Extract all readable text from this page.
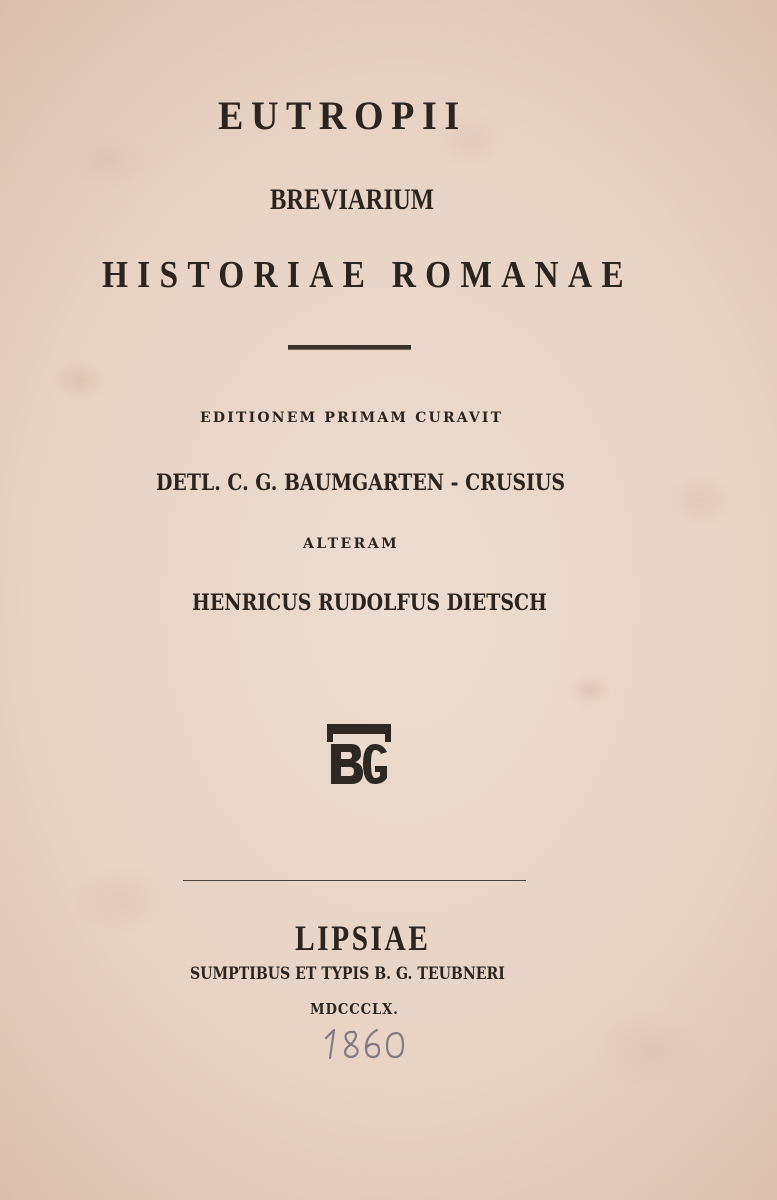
EUTROPII
BREVIARIUM
HISTORIAE ROMANAE
EDITIONEM PRIMAM CURAVIT
DETL. C. G. BAUMGARTEN - CRUSIUS
ALTERAM
HENRICUS RUDOLFUS DIETSCH
LIPSIAE
SUMPTIBUS ET TYPIS B. G. TEUBNERI
MDCCCLX.
